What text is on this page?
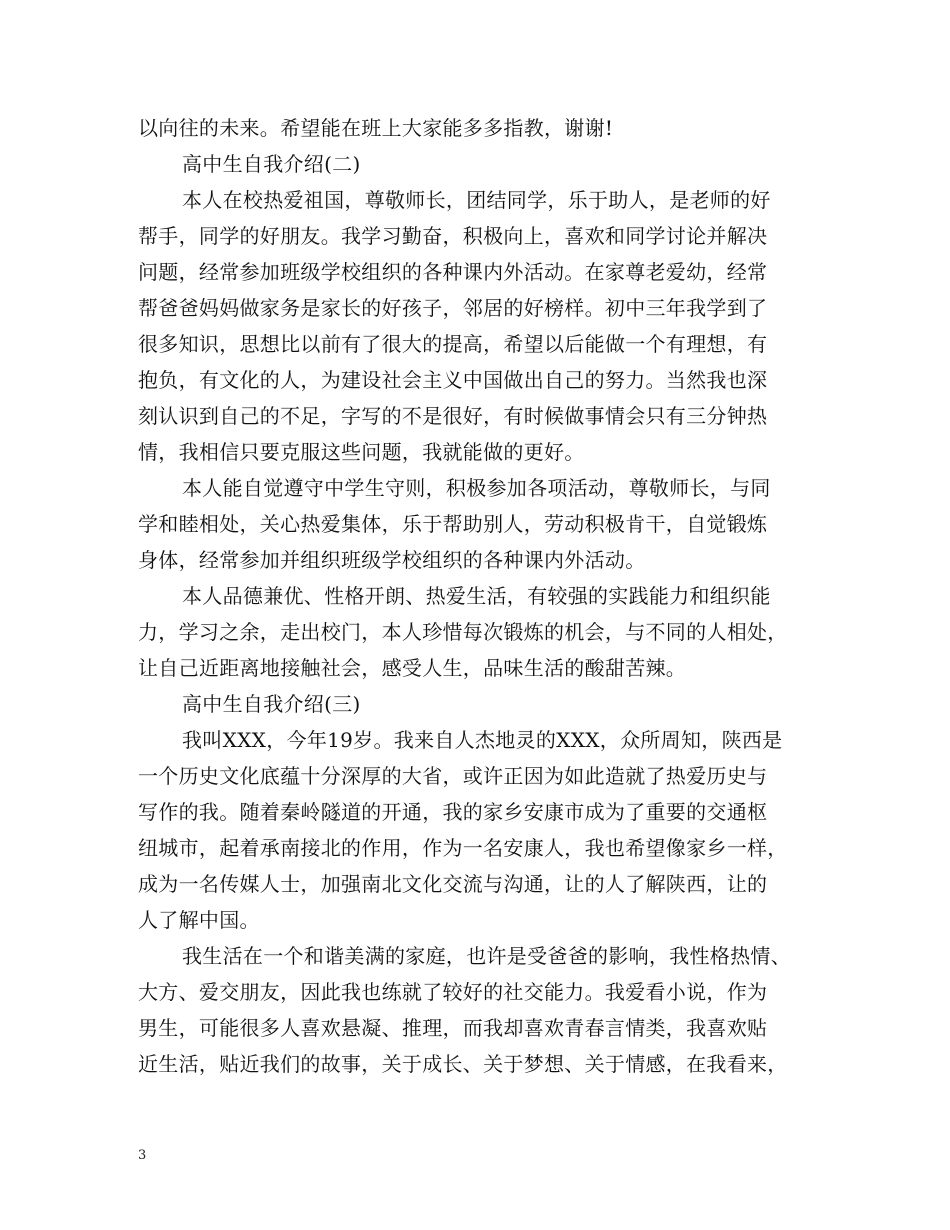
以向往的未来。希望能在班上大家能多多指教，谢谢!
高中生自我介绍(二)
本人在校热爱祖国，尊敬师长，团结同学，乐于助人，是老师的好
帮手，同学的好朋友。我学习勤奋，积极向上，喜欢和同学讨论并解决
问题，经常参加班级学校组织的各种课内外活动。在家尊老爱幼，经常
帮爸爸妈妈做家务是家长的好孩子，邻居的好榜样。初中三年我学到了
很多知识，思想比以前有了很大的提高，希望以后能做一个有理想，有
抱负，有文化的人，为建设社会主义中国做出自己的努力。当然我也深
刻认识到自己的不足，字写的不是很好，有时候做事情会只有三分钟热
情，我相信只要克服这些问题，我就能做的更好。
本人能自觉遵守中学生守则，积极参加各项活动，尊敬师长，与同
学和睦相处，关心热爱集体，乐于帮助别人，劳动积极肯干，自觉锻炼
身体，经常参加并组织班级学校组织的各种课内外活动。
本人品德兼优、性格开朗、热爱生活，有较强的实践能力和组织能
力，学习之余，走出校门，本人珍惜每次锻炼的机会，与不同的人相处，
让自己近距离地接触社会，感受人生，品味生活的酸甜苦辣。
高中生自我介绍(三)
我叫XXX，今年19岁。我来自人杰地灵的XXX，众所周知，陕西是
一个历史文化底蕴十分深厚的大省，或许正因为如此造就了热爱历史与
写作的我。随着秦岭隧道的开通，我的家乡安康市成为了重要的交通枢
纽城市，起着承南接北的作用，作为一名安康人，我也希望像家乡一样，
成为一名传媒人士，加强南北文化交流与沟通，让的人了解陕西，让的
人了解中国。
我生活在一个和谐美满的家庭，也许是受爸爸的影响，我性格热情、
大方、爱交朋友，因此我也练就了较好的社交能力。我爱看小说，作为
男生，可能很多人喜欢悬凝、推理，而我却喜欢青春言情类，我喜欢贴
近生活，贴近我们的故事，关于成长、关于梦想、关于情感，在我看来，
3
